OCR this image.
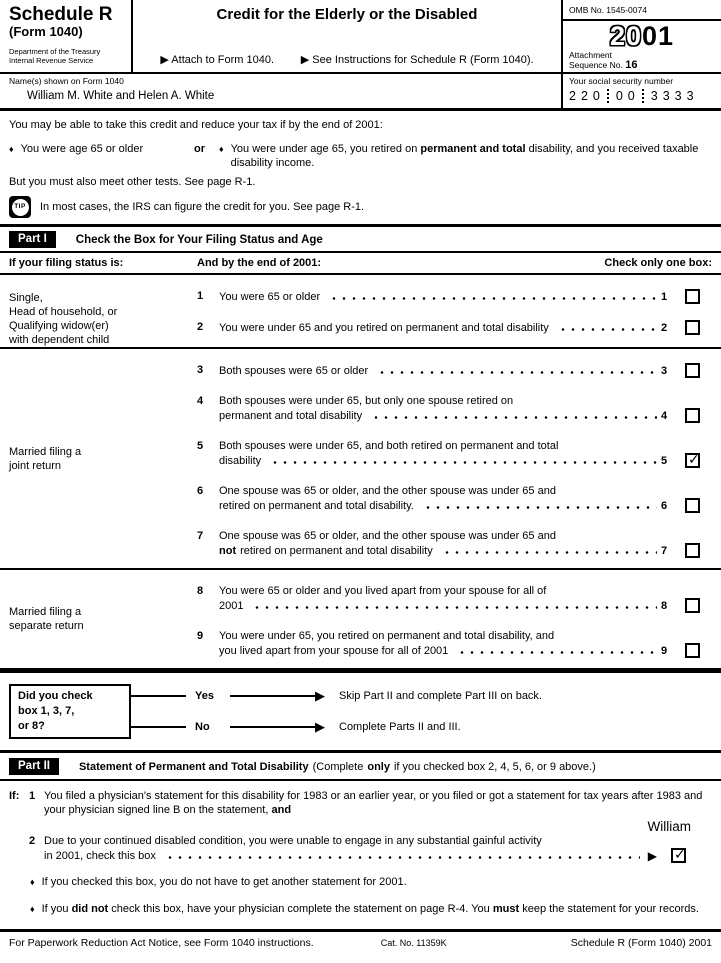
Schedule R
(Form 1040)
Department of the Treasury
Internal Revenue Service
Credit for the Elderly or the Disabled
▶ Attach to Form 1040. ▶ See Instructions for Schedule R (Form 1040).
OMB No. 1545-0074
2001
Attachment
Sequence No. 16
Name(s) shown on Form 1040
William M. White and Helen A. White
Your social security number
220 00 3333
You may be able to take this credit and reduce your tax if by the end of 2001:
♦ You were age 65 or older	or ♦ You were under age 65, you retired on permanent and total disability, and you received taxable disability income.
But you must also meet other tests. See page R-1.
TIP In most cases, the IRS can figure the credit for you. See page R-1.
Part I	Check the Box for Your Filing Status and Age
If your filing status is:	And by the end of 2001:	Check only one box:
Single,
Head of household, or
Qualifying widow(er)
with dependent child
1	You were 65 or older	1
2	You were under 65 and you retired on permanent and total disability	2
Married filing a
joint return
3	Both spouses were 65 or older	3
4	Both spouses were under 65, but only one spouse retired on
permanent and total disability	4
5	Both spouses were under 65, and both retired on permanent and total
disability	5
✓
6	One spouse was 65 or older, and the other spouse was under 65 and
retired on permanent and total disability.	6
7	One spouse was 65 or older, and the other spouse was under 65 and
not retired on permanent and total disability	7
Married filing a
separate return
8	You were 65 or older and you lived apart from your spouse for all of
2001	8
9	You were under 65, you retired on permanent and total disability, and
you lived apart from your spouse for all of 2001	9
Did you check
box 1, 3, 7,
or 8?
Yes	▶ Skip Part II and complete Part III on back.
No	▶ Complete Parts II and III.
Part II	Statement of Permanent and Total Disability (Complete only if you checked box 2, 4, 5, 6, or 9 above.)
If: 1 You filed a physician's statement for this disability for 1983 or an earlier year, or you filed or got a statement for tax years after 1983 and your physician signed line B on the statement, and
William
2 Due to your continued disabled condition, you were unable to engage in any substantial gainful activity
in 2001, check this box	▶
✓
♦ If you checked this box, you do not have to get another statement for 2001.
♦ If you did not check this box, have your physician complete the statement on page R-4. You must keep the statement for your records.
For Paperwork Reduction Act Notice, see Form 1040 instructions.	Cat. No. 11359K	Schedule R (Form 1040) 2001
